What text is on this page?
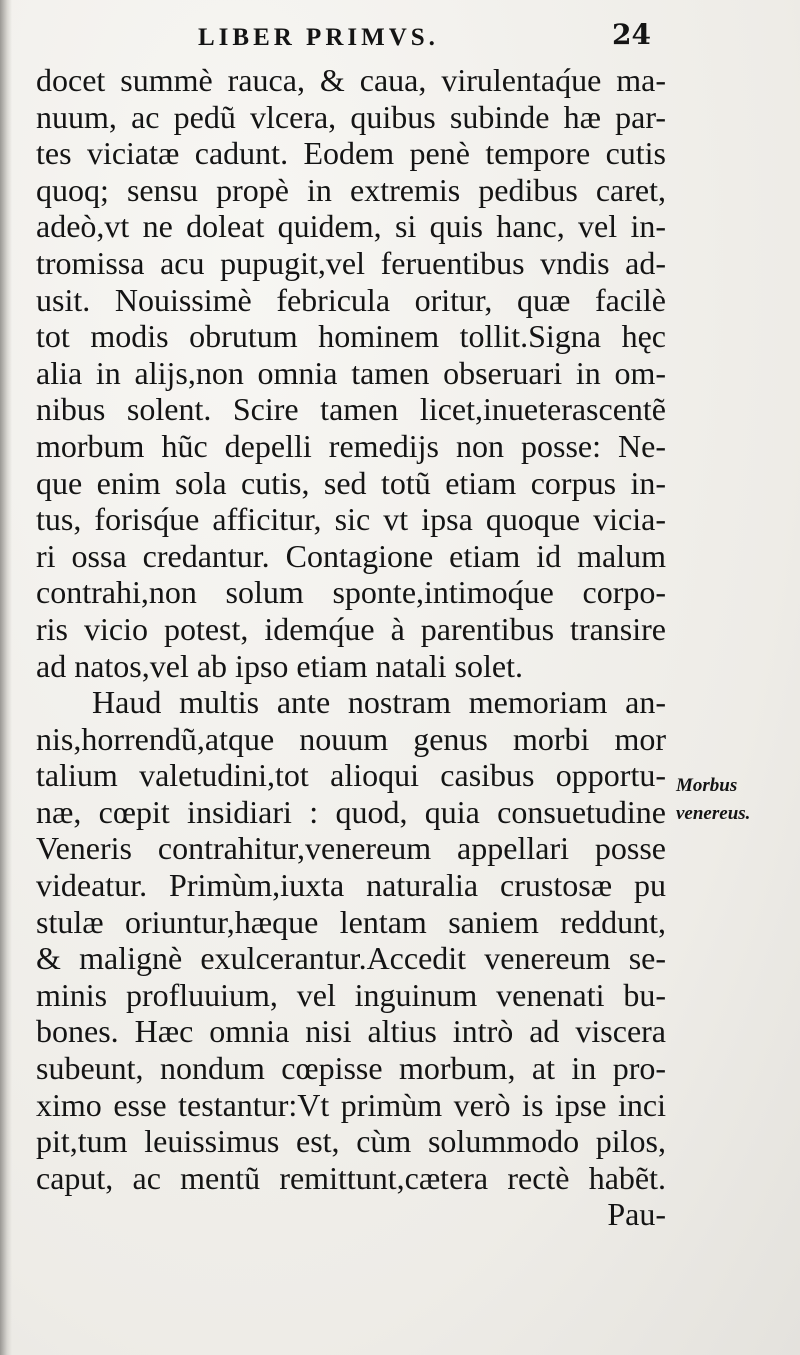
LIBER PRIMVS.	24
docet summè rauca, & caua, virulentaq́ue ma-
nuum, ac pedũ vlcera, quibus subinde hæ par-
tes viciatæ cadunt. Eodem penè tempore cutis
quoq; sensu propè in extremis pedibus caret,
adeò,vt ne doleat quidem, si quis hanc, vel in-
tromissa acu pupugit,vel feruentibus vndis ad-
usit. Nouissimè febricula oritur, quæ facilè
tot modis obrutum hominem tollit.Signa hęc
alia in alijs,non omnia tamen obseruari in om-
nibus solent. Scire tamen licet,inueterascentẽ
morbum hũc depelli remedijs non posse: Ne-
que enim sola cutis, sed totũ etiam corpus in-
tus, forisq́ue afficitur, sic vt ipsa quoque vicia-
ri ossa credantur. Contagione etiam id malum
contrahi,non solum sponte,intimoq́ue corpo-
ris vicio potest, idemq́ue à parentibus transire
ad natos,vel ab ipso etiam natali solet.
Haud multis ante nostram memoriam an-
nis,horrendũ,atque nouum genus morbi mor
talium valetudini,tot alioqui casibus opportu-
næ, cœpit insidiari : quod, quia consuetudine
Veneris contrahitur,venereum appellari posse
videatur. Primùm,iuxta naturalia crustosæ pu
stulæ oriuntur,hæque lentam saniem reddunt,
& malignè exulcerantur.Accedit venereum se-
minis profluuium, vel inguinum venenati bu-
bones. Hæc omnia nisi altius intrò ad viscera
subeunt, nondum cœpisse morbum, at in pro-
ximo esse testantur:Vt primùm verò is ipse inci
pit,tum leuissimus est, cùm solummodo pilos,
caput, ac mentũ remittunt,cætera rectè habẽt.
Pau-
Morbus
venereus.
